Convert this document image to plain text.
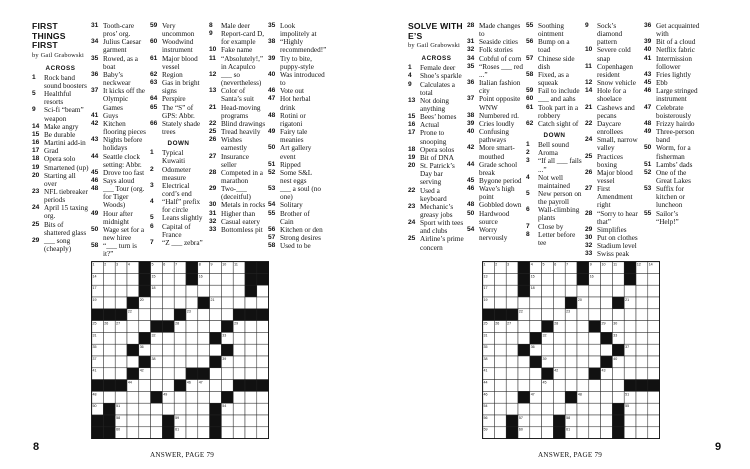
FIRST THINGS FIRST
by Gail Grabowski
ACROSS
1 Rock band sound boosters
5 Healthful resorts
9 Sci-fi “beam” weapon
14 Make angry
15 Be durable
16 Martini add-in
17 Grad
18 Opera solo
19 Smartened (up)
20 Starting all over
23 NFL tiebreaker periods
24 April 15 taxing org.
25 Bits of shattered glass
29 ___ song (cheaply)
31 Tooth-care pros’ org.
34 Julius Caesar garment
35 Rowed, as a boat
36 Baby’s neckwear
37 It kicks off the Olympic Games
41 Guys
42 Kitchen flooring pieces
43 Nights before holidays
44 Seattle clock setting: Abbr.
45 Drove too fast
46 Says aloud
48 ___ Tour (org. for Tiger Woods)
49 Hour after midnight
50 Wage set for a new hiree
58 “___ turn is it?”
59 Very uncommon
60 Woodwind instrument
61 Major blood vessel
62 Region
63 Gas in bright signs
64 Perspire
65 The “S” of GPS: Abbr.
66 Stately shade trees
DOWN
1 Typical Kuwaiti
2 Odometer measure
3 Electrical cord’s end
4 “Half” prefix for circle
5 Leans slightly
6 Capital of France
7 “Z ___ zebra”
8 Male deer
9 Report-card D, for example
10 Fake name
11 “Absolutely!,” in Acapulco
12 ___ so (nevertheless)
13 Color of Santa’s suit
21 Head-moving programs
22 Blind drawings
25 Tread heavily
26 Wishes earnestly
27 Insurance seller
28 Competed in a marathon
29 Two-___ (deceitful)
30 Metals in rocks
31 Higher than
32 Casual eatery
33 Bottomless pit
35 Look impolitely at
38 “Highly recommended!”
39 Try to bite, puppy-style
40 Was introduced to
46 Vote out
47 Hot herbal drink
48 Rotini or rigatoni
49 Fairy tale meanies
50 Art gallery event
51 Ripped
52 Some S&L nest eggs
53 ___ a soul (no one)
54 Solitary
55 Brother of Cain
56 Kitchen or den
57 Strong desires
58 Used to be
1	2	3	4	5	6	7	8	9	10 11
14	15	16
17	18
19	20	21
22	23
25 26 27	28	29
31	32	33
35	36
37	38	39
41	42
44	46 47
48	49
50	51	54
58	59
60	61
8
ANSWER, PAGE 79
SOLVE WITH E’S
by Gail Grabowski
ACROSS
1 Female deer
4 Shoe’s sparkle
9 Calculates a total
13 Not doing anything
15 Bees’ homes
16 Actual
17 Prone to snooping
18 Opera solos
19 Bit of DNA
20 St. Patrick’s Day bar serving
22 Used a keyboard
23 Mechanic’s greasy jobs
24 Sport with tees and clubs
25 Airline’s prime concern
28 Made changes to
31 Seaside cities
32 Folk stories
34 Cobful of corn
35 “Roses ___ red ...”
36 Italian fashion city
37 Point opposite WNW
38 Numbered rd.
39 Cries loudly
40 Confusing pathways
42 More smart-mouthed
44 Grade school break
45 Bygone period
46 Wave’s high point
48 Gobbled down
50 Hardwood source
54 Worry nervously
55 Soothing ointment
56 Bump on a toad
57 Chinese side dish
58 Fixed, as a squeak
59 Fail to include
60 ___ and aahs
61 Took part in a robbery
62 Catch sight of
DOWN
1 Bell sound
2 Aroma
3 “If all ___ fails ...”
4 Not well maintained
5 New person on the payroll
6 Wall-climbing plants
7 Close by
8 Letter before tee
9 Sock’s diamond pattern
10 Severe cold snap
11 Copenhagen resident
12 Snow vehicle
14 Hole for a shoelace
21 Cashews and pecans
22 Daycare enrollees
24 Small, narrow valley
25 Practices boxing
26 Major blood vessel
27 First Amendment right
28 “Sorry to hear that”
29 Simplifies
30 Put on clothes
32 Stadium level
33 Swiss peak
36 Get acquainted with
39 Bit of a cloud
40 Netflix fabric
41 Intermission follower
43 Fries lightly
45 Ebb
46 Large stringed instrument
47 Celebrate boisterously
48 Frizzy hairdo
49 Three-person band
50 Worm, for a fisherman
51 Lambs’ dads
52 One of the Great Lakes
53 Suffix for kitchen or luncheon
55 Sailor’s “Help!”
1	2	3	4	5	6	7	9	10 11	12 14
13	15	16
17	18
19	20	21
22	23
25 26 27	28	29 30
31	32	33
35	36	37
38	39	40
41	42	43
44	45
46	47	48	51
54	55
56	57	58
59	60	61
9
ANSWER, PAGE 79
